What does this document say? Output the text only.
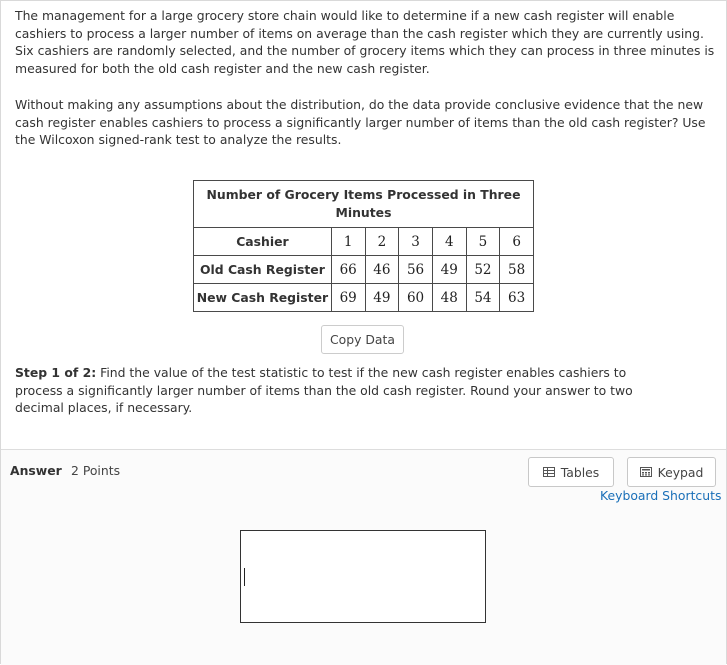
The management for a large grocery store chain would like to determine if a new cash register will enable cashiers to process a larger number of items on average than the cash register which they are currently using. Six cashiers are randomly selected, and the number of grocery items which they can process in three minutes is measured for both the old cash register and the new cash register.
Without making any assumptions about the distribution, do the data provide conclusive evidence that the new cash register enables cashiers to process a significantly larger number of items than the old cash register? Use the Wilcoxon signed-rank test to analyze the results.
Number of Grocery Items Processed in Three Minutes						
Cashier	1	2	3	4	5	6
Old Cash Register	66	46	56	49	52	58
New Cash Register	69	49	60	48	54	63
Copy Data
Step 1 of 2: Find the value of the test statistic to test if the new cash register enables cashiers to process a significantly larger number of items than the old cash register. Round your answer to two decimal places, if necessary.
Answer 2 Points	Tables	Keypad
Keyboard Shortcuts
